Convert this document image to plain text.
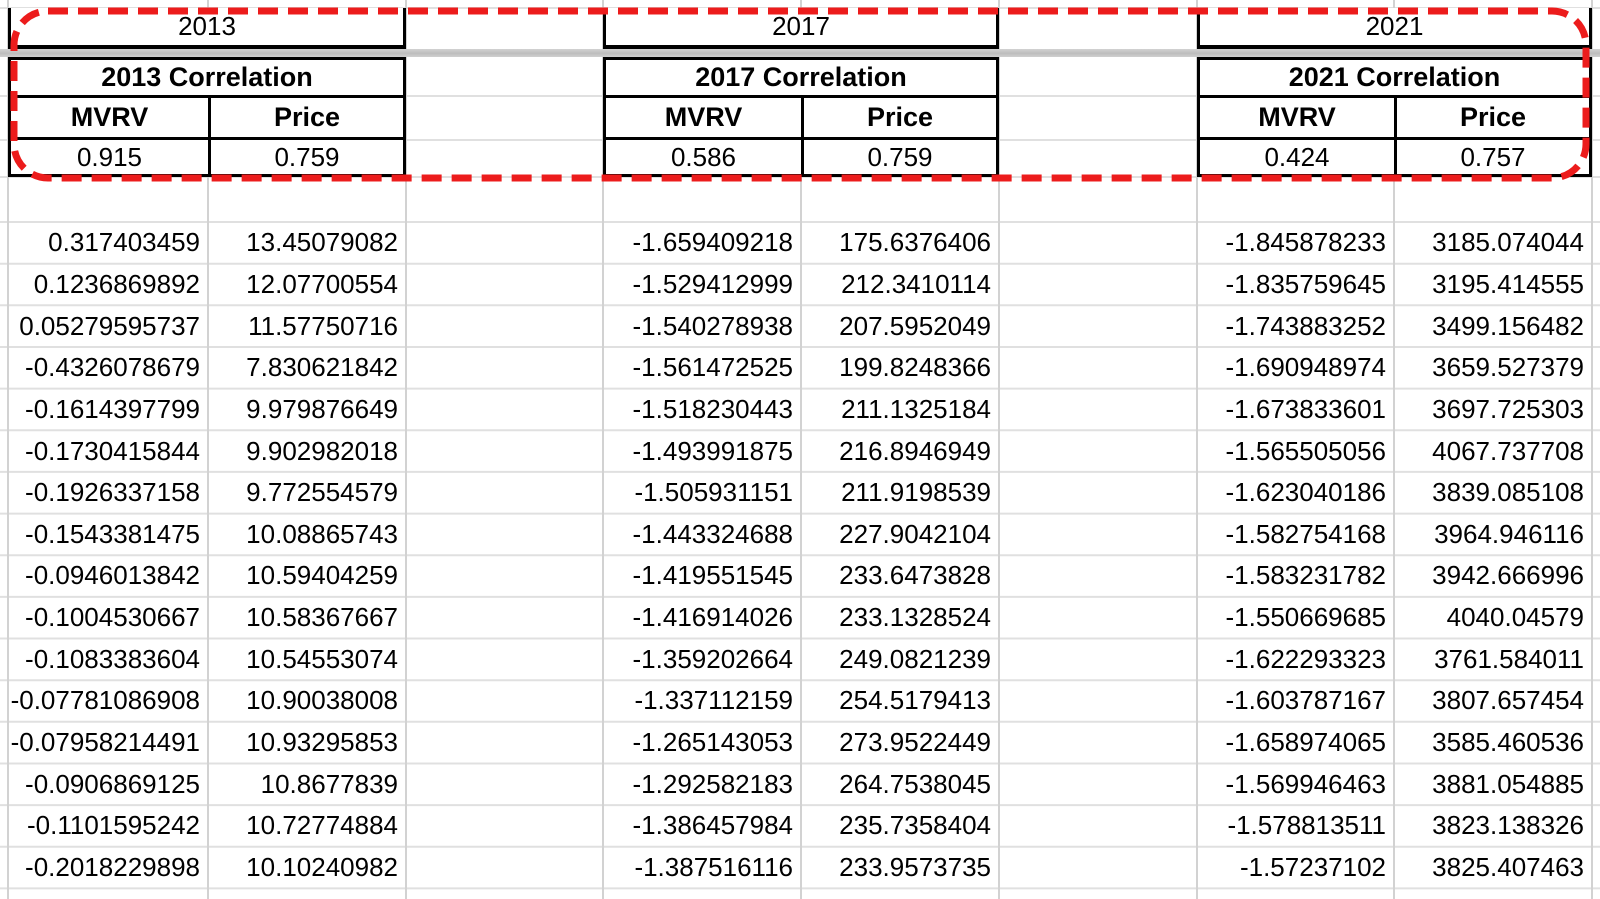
2013	2017	2021
2013 Correlation
MVRV	Price
0.915	0.759
2017 Correlation
MVRV	Price
0.586	0.759
2021 Correlation
MVRV	Price
0.424	0.757
0.317403459	13.45079082	-1.659409218	175.6376406	-1.845878233	3185.074044
0.1236869892	12.07700554	-1.529412999	212.3410114	-1.835759645	3195.414555
0.05279595737	11.57750716	-1.540278938	207.5952049	-1.743883252	3499.156482
-0.4326078679	7.830621842	-1.561472525	199.8248366	-1.690948974	3659.527379
-0.1614397799	9.979876649	-1.518230443	211.1325184	-1.673833601	3697.725303
-0.1730415844	9.902982018	-1.493991875	216.8946949	-1.565505056	4067.737708
-0.1926337158	9.772554579	-1.505931151	211.9198539	-1.623040186	3839.085108
-0.1543381475	10.08865743	-1.443324688	227.9042104	-1.582754168	3964.946116
-0.0946013842	10.59404259	-1.419551545	233.6473828	-1.583231782	3942.666996
-0.1004530667	10.58367667	-1.416914026	233.1328524	-1.550669685	4040.04579
-0.1083383604	10.54553074	-1.359202664	249.0821239	-1.622293323	3761.584011
-0.07781086908	10.90038008	-1.337112159	254.5179413	-1.603787167	3807.657454
-0.07958214491	10.93295853	-1.265143053	273.9522449	-1.658974065	3585.460536
-0.0906869125	10.8677839	-1.292582183	264.7538045	-1.569946463	3881.054885
-0.1101595242	10.72774884	-1.386457984	235.7358404	-1.578813511	3823.138326
-0.2018229898	10.10240982	-1.387516116	233.9573735	-1.57237102	3825.407463
